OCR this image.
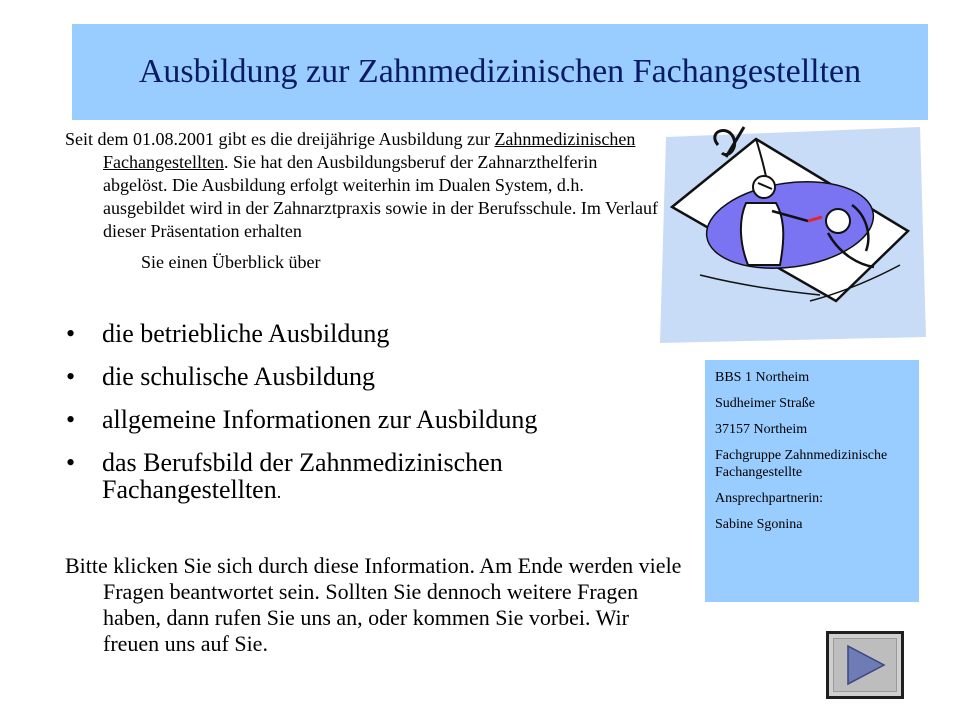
Ausbildung zur Zahnmedizinischen Fachangestellten

Seit dem 01.08.2001 gibt es die dreijährige Ausbildung zur Zahnmedizinischen Fachangestellten. Sie hat den Ausbildungsberuf der Zahnarzthelferin abgelöst. Die Ausbildung erfolgt weiterhin im Dualen System, d.h. ausgebildet wird in der Zahnarztpraxis sowie in der Berufsschule. Im Verlauf dieser Präsentation erhalten
Sie einen Überblick über

• die betriebliche Ausbildung
• die schulische Ausbildung
• allgemeine Informationen zur Ausbildung
• das Berufsbild der Zahnmedizinischen Fachangestellten.

Bitte klicken Sie sich durch diese Information. Am Ende werden viele Fragen beantwortet sein. Sollten Sie dennoch weitere Fragen haben, dann rufen Sie uns an, oder kommen Sie vorbei. Wir freuen uns auf Sie.

BBS 1 Northeim
Sudheimer Straße
37157 Northeim
Fachgruppe Zahnmedizinische Fachangestellte
Ansprechpartnerin:
Sabine Sgonina
